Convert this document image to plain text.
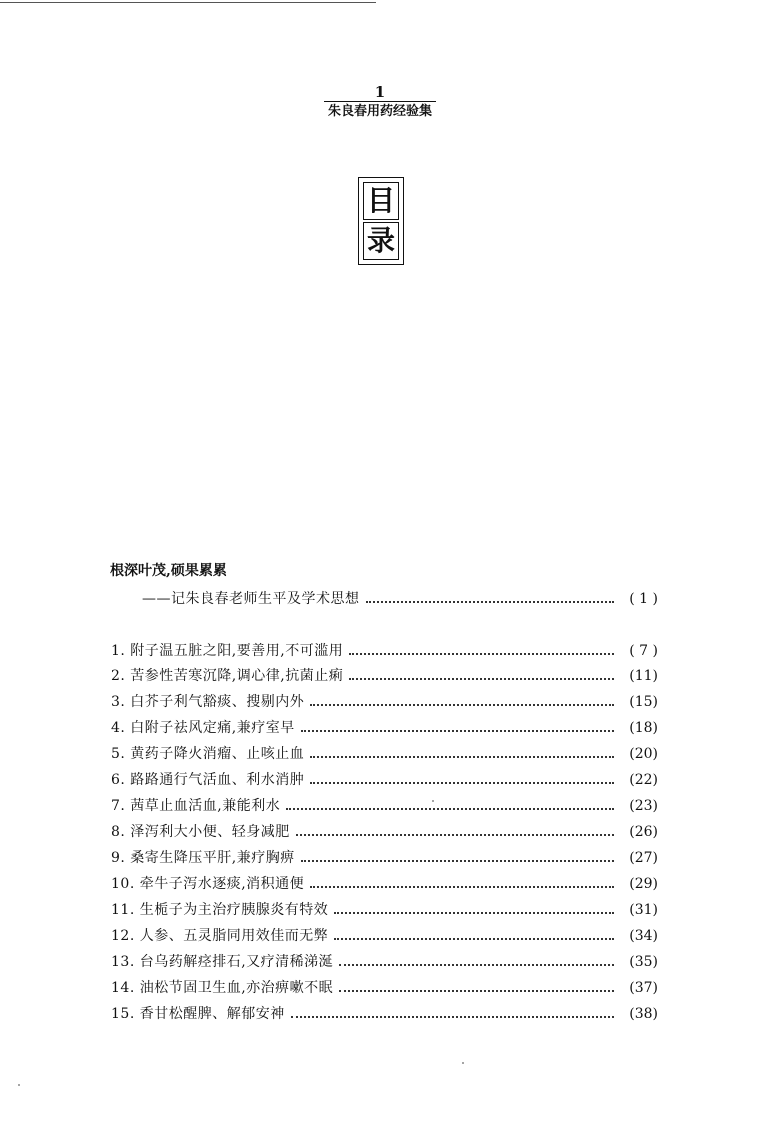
1
朱良春用药经验集
目
录
根深叶茂,硕果累累
——记朱良春老师生平及学术思想	( 1 )
1. 附子温五脏之阳,要善用,不可滥用	( 7 )
2. 苦参性苦寒沉降,调心律,抗菌止痢	(11)
3. 白芥子利气豁痰、搜剔内外	(15)
4. 白附子祛风定痛,兼疗室早	(18)
5. 黄药子降火消瘤、止咳止血	(20)
6. 路路通行气活血、利水消肿	(22)
7. 茜草止血活血,兼能利水	(23)
8. 泽泻利大小便、轻身减肥	(26)
9. 桑寄生降压平肝,兼疗胸痹	(27)
10. 牵牛子泻水逐痰,消积通便	(29)
11. 生栀子为主治疗胰腺炎有特效	(31)
12. 人参、五灵脂同用效佳而无弊	(34)
13. 台乌药解痉排石,又疗清稀涕涎	(35)
14. 油松节固卫生血,亦治痹嗽不眠	(37)
15. 香甘松醒脾、解郁安神	(38)
